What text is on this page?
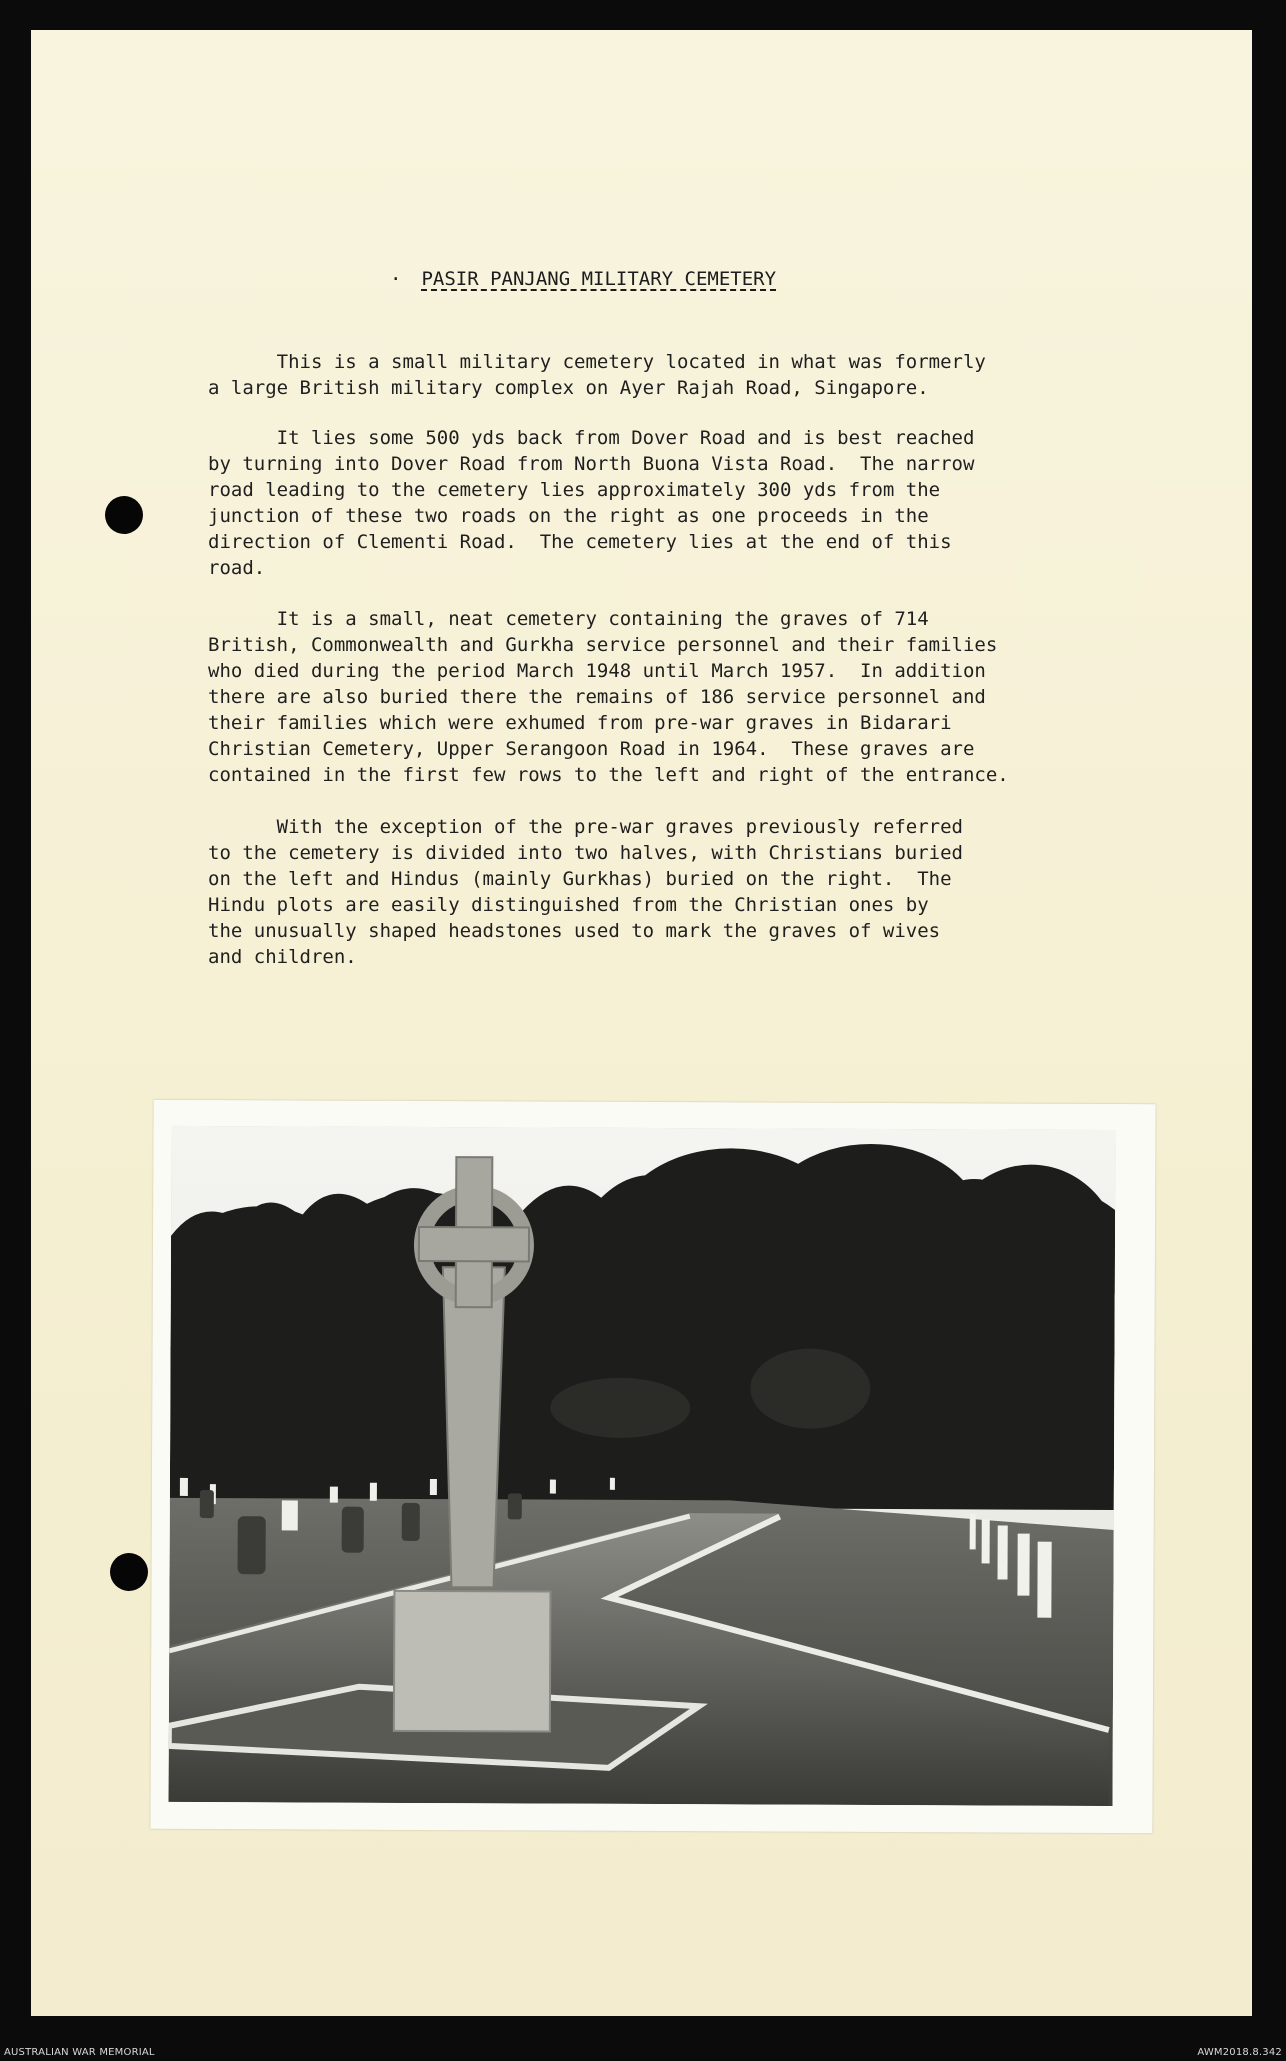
· PASIR PANJANG MILITARY CEMETERY

This is a small military cemetery located in what was formerly
a large British military complex on Ayer Rajah Road, Singapore.

It lies some 500 yds back from Dover Road and is best reached
by turning into Dover Road from North Buona Vista Road.  The narrow
road leading to the cemetery lies approximately 300 yds from the
junction of these two roads on the right as one proceeds in the
direction of Clementi Road.  The cemetery lies at the end of this
road.

It is a small, neat cemetery containing the graves of 714
British, Commonwealth and Gurkha service personnel and their families
who died during the period March 1948 until March 1957.  In addition
there are also buried there the remains of 186 service personnel and
their families which were exhumed from pre-war graves in Bidarari
Christian Cemetery, Upper Serangoon Road in 1964.  These graves are
contained in the first few rows to the left and right of the entrance.

With the exception of the pre-war graves previously referred
to the cemetery is divided into two halves, with Christians buried
on the left and Hindus (mainly Gurkhas) buried on the right.  The
Hindu plots are easily distinguished from the Christian ones by
the unusually shaped headstones used to mark the graves of wives
and children.

AUSTRALIAN WAR MEMORIAL	AWM2018.8.342
